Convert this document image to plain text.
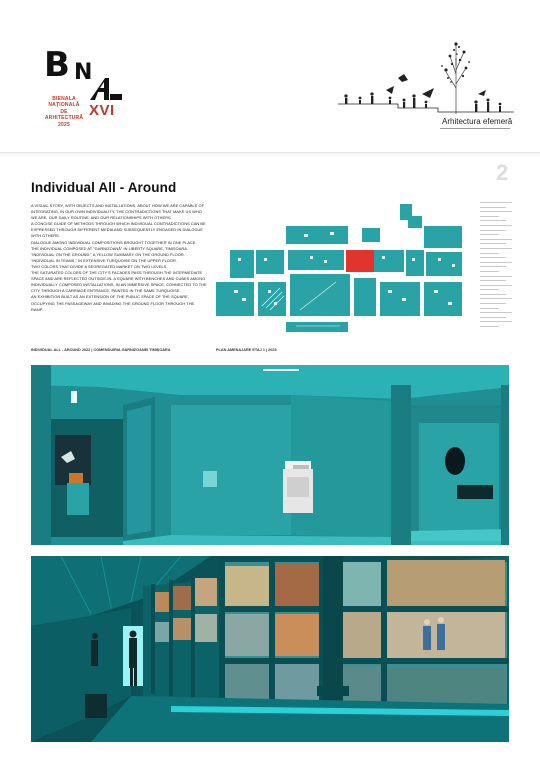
B N
XVI
BIENALA
NAȚIONALĂ
DE
ARHITECTURĂ
2025	Arhitectura efemeră
2
Individual All - Around

A VISUAL STORY, WITH OBJECTS AND INSTALLATIONS, ABOUT HOW WE ARE CAPABLE OF INTEGRATING, IN OUR OWN INDIVIDUALITY, THE CONTRADICTIONS THAT MAKE US WHO WE ARE, OUR DAILY ROUTINE, AND OUR RELATIONSHIPS WITH OTHERS.

A CONCISE GUIDE OF METHODS THROUGH WHICH INDIVIDUAL CONTRADICTIONS CAN BE EXPRESSED THROUGH DIFFERENT MEDIA AND SUBSEQUENTLY ENGAGED IN DIALOGUE WITH OTHERS.

DIALOGUE AMONG INDIVIDUAL COMPOSITIONS BROUGHT TOGETHER IN ONE PLACE.

THE INDIVIDUAL COMPOSED AT "GARNIZOANĂ" IN LIBERTY SQUARE, TIMIȘOARA. "INDIVIDUAL ON THE GROUND," A YELLOW SUMMARY ON THE GROUND FLOOR. "INDIVIDUAL IN TEAMS," IN EXTENSIVE TURQUOISE ON THE UPPER FLOOR.

TWO COLORS THAT DIVIDE A SEGREGATED MARKET ON TWO LEVELS.

THE SATURATED COLORS OF THE CITY'S FACADES PASS THROUGH THE INTERMEDIATE SPACE AND ARE REFLECTED OUTSIDE-IN. A SQUARE WITH BENCHES AND CUBES AMONG INDIVIDUALLY COMPOSED INSTALLATIONS, IN AN IMMERSIVE SPACE, CONNECTED TO THE CITY THROUGH A CARRIAGE ENTRANCE, PAINTED IN THE SAME TURQUOISE.

AN EXHIBITION BUILT AS AN EXTENSION OF THE PUBLIC SPACE OF THE SQUARE, OCCUPYING THE PASSAGEWAY AND INVADING THE GROUND FLOOR THROUGH THE RAMP.

INDIVIDUAL ALL - AROUND 2022 | COMENDUIRIA GARNIZOANEI TIMIȘOARA	PLAN AMENAJARE ETAJ 1 | 2025
